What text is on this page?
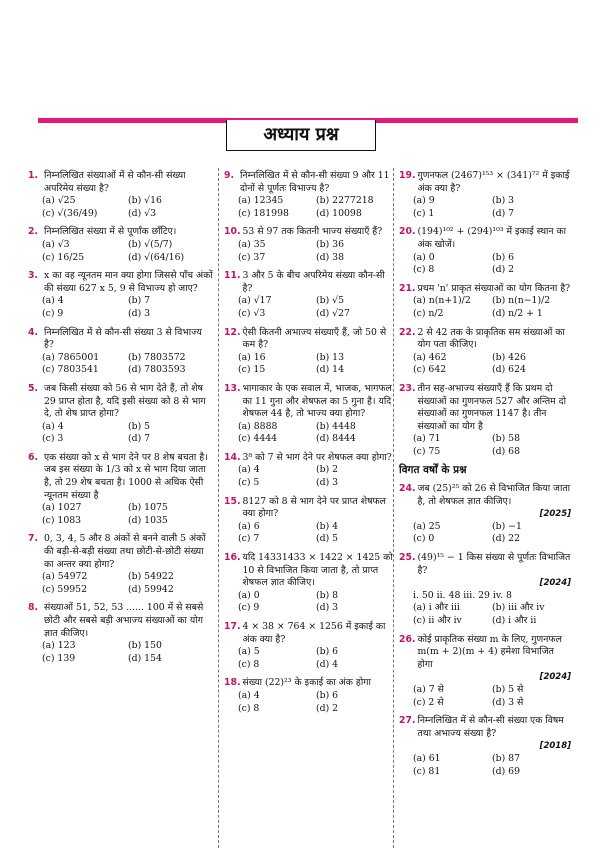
अध्याय प्रश्न
1. निम्नलिखित संख्याओं में से कौन-सी संख्या अपरिमेय संख्या है?
(a) √25	(b) √16
(c) √(36/49)	(d) √3
2. निम्नलिखित संख्या में से पूर्णांक छाँटिए।
(a) √3	(b) √(5/7)
(c) 16/25	(d) √(64/16)
3. x का वह न्यूनतम मान क्या होगा जिससे पाँच अंकों की संख्या 627 x 5, 9 से विभाज्य हो जाए?
(a) 4	(b) 7
(c) 9	(d) 3
4. निम्नलिखित में से कौन-सी संख्या 3 से विभाज्य है?
(a) 7865001	(b) 7803572
(c) 7803541	(d) 7803593
5. जब किसी संख्या को 56 से भाग देते हैं, तो शेष 29 प्राप्त होता है, यदि इसी संख्या को 8 से भाग दे, तो शेष प्राप्त होगा?
(a) 4	(b) 5
(c) 3	(d) 7
6. एक संख्या को x से भाग देने पर 8 शेष बचता है। जब इस संख्या के 1/3 को x से भाग दिया जाता है, तो 29 शेष बचता है। 1000 से अधिक ऐसी न्यूनतम संख्या है
(a) 1027	(b) 1075
(c) 1083	(d) 1035
7. 0, 3, 4, 5 और 8 अंकों से बनने वाली 5 अंकों की बड़ी-से-बड़ी संख्या तथा छोटी-से-छोटी संख्या का अन्तर क्या होगा?
(a) 54972	(b) 54922
(c) 59952	(d) 59942
8. संख्याओं 51, 52, 53 ...... 100 में से सबसे छोटी और सबसे बड़ी अभाज्य संख्याओं का योग ज्ञात कीजिए।
(a) 123	(b) 150
(c) 139	(d) 154
9. निम्नलिखित में से कौन-सी संख्या 9 और 11 दोनों से पूर्णतः विभाज्य है?
(a) 12345	(b) 2277218
(c) 181998	(d) 10098
10. 53 से 97 तक कितनी भाज्य संख्याएँ हैं?
(a) 35	(b) 36
(c) 37	(d) 38
11. 3 और 5 के बीच अपरिमेय संख्या कौन-सी है?
(a) √17	(b) √5
(c) √3	(d) √27
12. ऐसी कितनी अभाज्य संख्याएँ हैं, जो 50 से कम है?
(a) 16	(b) 13
(c) 15	(d) 14
13. भागाकार के एक सवाल में, भाजक, भागफल का 11 गुना और शेषफल का 5 गुना है। यदि शेषफल 44 है, तो भाज्य क्या होगा?
(a) 8888	(b) 4448
(c) 4444	(d) 8444
14. 3⁸ को 7 से भाग देने पर शेषफल क्या होगा?
(a) 4	(b) 2
(c) 5	(d) 3
15. 8127 को 8 से भाग देने पर प्राप्त शेषफल क्या होगा?
(a) 6	(b) 4
(c) 7	(d) 5
16. यदि 14331433 × 1422 × 1425 को 10 से विभाजित किया जाता है, तो प्राप्त शेषफल ज्ञात कीजिए।
(a) 0	(b) 8
(c) 9	(d) 3
17. 4 × 38 × 764 × 1256 में इकाई का अंक क्या है?
(a) 5	(b) 6
(c) 8	(d) 4
18. संख्या (22)²³ के इकाई का अंक होगा
(a) 4	(b) 6
(c) 8	(d) 2
19. गुणनफल (2467)¹⁵³ × (341)⁷² में इकाई अंक क्या है?
(a) 9	(b) 3
(c) 1	(d) 7
20. (194)¹⁰² + (294)¹⁰³ में इकाई स्थान का अंक खोजें।
(a) 0	(b) 6
(c) 8	(d) 2
21. प्रथम 'n' प्राकृत संख्याओं का योग कितना है?
(a) n(n+1)/2	(b) n(n−1)/2
(c) n/2	(d) n/2 + 1
22. 2 से 42 तक के प्राकृतिक सम संख्याओं का योग पता कीजिए।
(a) 462	(b) 426
(c) 642	(d) 624
23. तीन सह-अभाज्य संख्याएँ हैं कि प्रथम दो संख्याओं का गुणनफल 527 और अन्तिम दो संख्याओं का गुणनफल 1147 है। तीन संख्याओं का योग है
(a) 71	(b) 58
(c) 75	(d) 68
विगत वर्षों के प्रश्न
24. जब (25)²⁵ को 26 से विभाजित किया जाता है, तो शेषफल ज्ञात कीजिए।
[2025]
(a) 25	(b) −1
(c) 0	(d) 22
25. (49)¹⁵ − 1 किस संख्या से पूर्णतः विभाजित है?
[2024]
i. 50 ii. 48 iii. 29 iv. 8
(a) i और iii	(b) iii और iv
(c) ii और iv	(d) i और ii
26. कोई प्राकृतिक संख्या m के लिए, गुणनफल m(m + 2)(m + 4) हमेशा विभाजित होगा
[2024]
(a) 7 से	(b) 5 से
(c) 2 से	(d) 3 से
27. निम्नलिखित में से कौन-सी संख्या एक विषम तथा अभाज्य संख्या है?
[2018]
(a) 61	(b) 87
(c) 81	(d) 69
